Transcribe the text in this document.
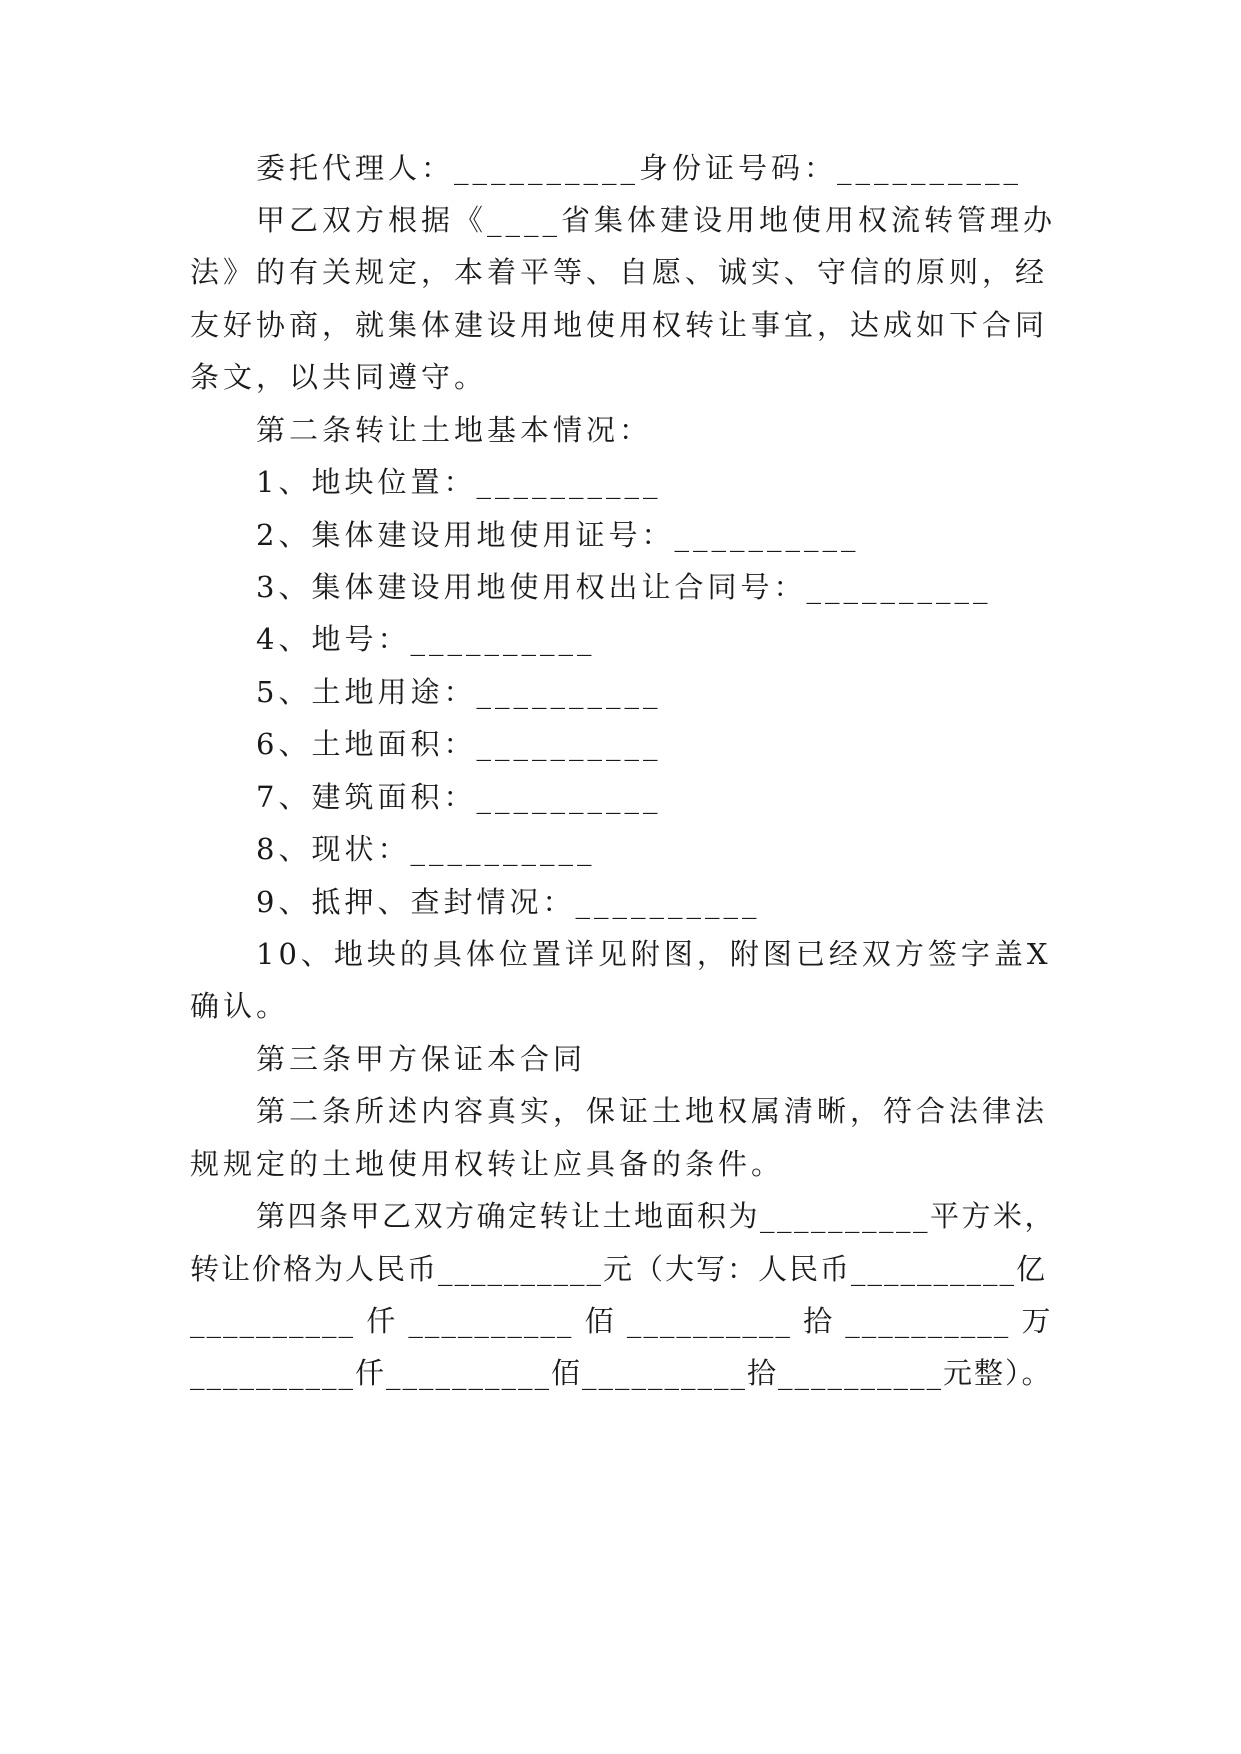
委托代理人：__________身份证号码：__________
甲乙双方根据《____省集体建设用地使用权流转管理办
法》的有关规定，本着平等、自愿、诚实、守信的原则，经
友好协商，就集体建设用地使用权转让事宜，达成如下合同
条文，以共同遵守。
第二条转让土地基本情况：
1、地块位置：__________
2、集体建设用地使用证号：__________
3、集体建设用地使用权出让合同号：__________
4、地号：__________
5、土地用途：__________
6、土地面积：__________
7、建筑面积：__________
8、现状：__________
9、抵押、查封情况：__________
10、地块的具体位置详见附图，附图已经双方签字盖X
确认。
第三条甲方保证本合同
第二条所述内容真实，保证土地权属清晰，符合法律法
规规定的土地使用权转让应具备的条件。
第四条甲乙双方确定转让土地面积为__________平方米，
转让价格为人民币__________元（大写：人民币__________亿
__________ 仟 __________ 佰 __________ 拾 __________ 万
__________仟__________佰__________拾__________元整）。
